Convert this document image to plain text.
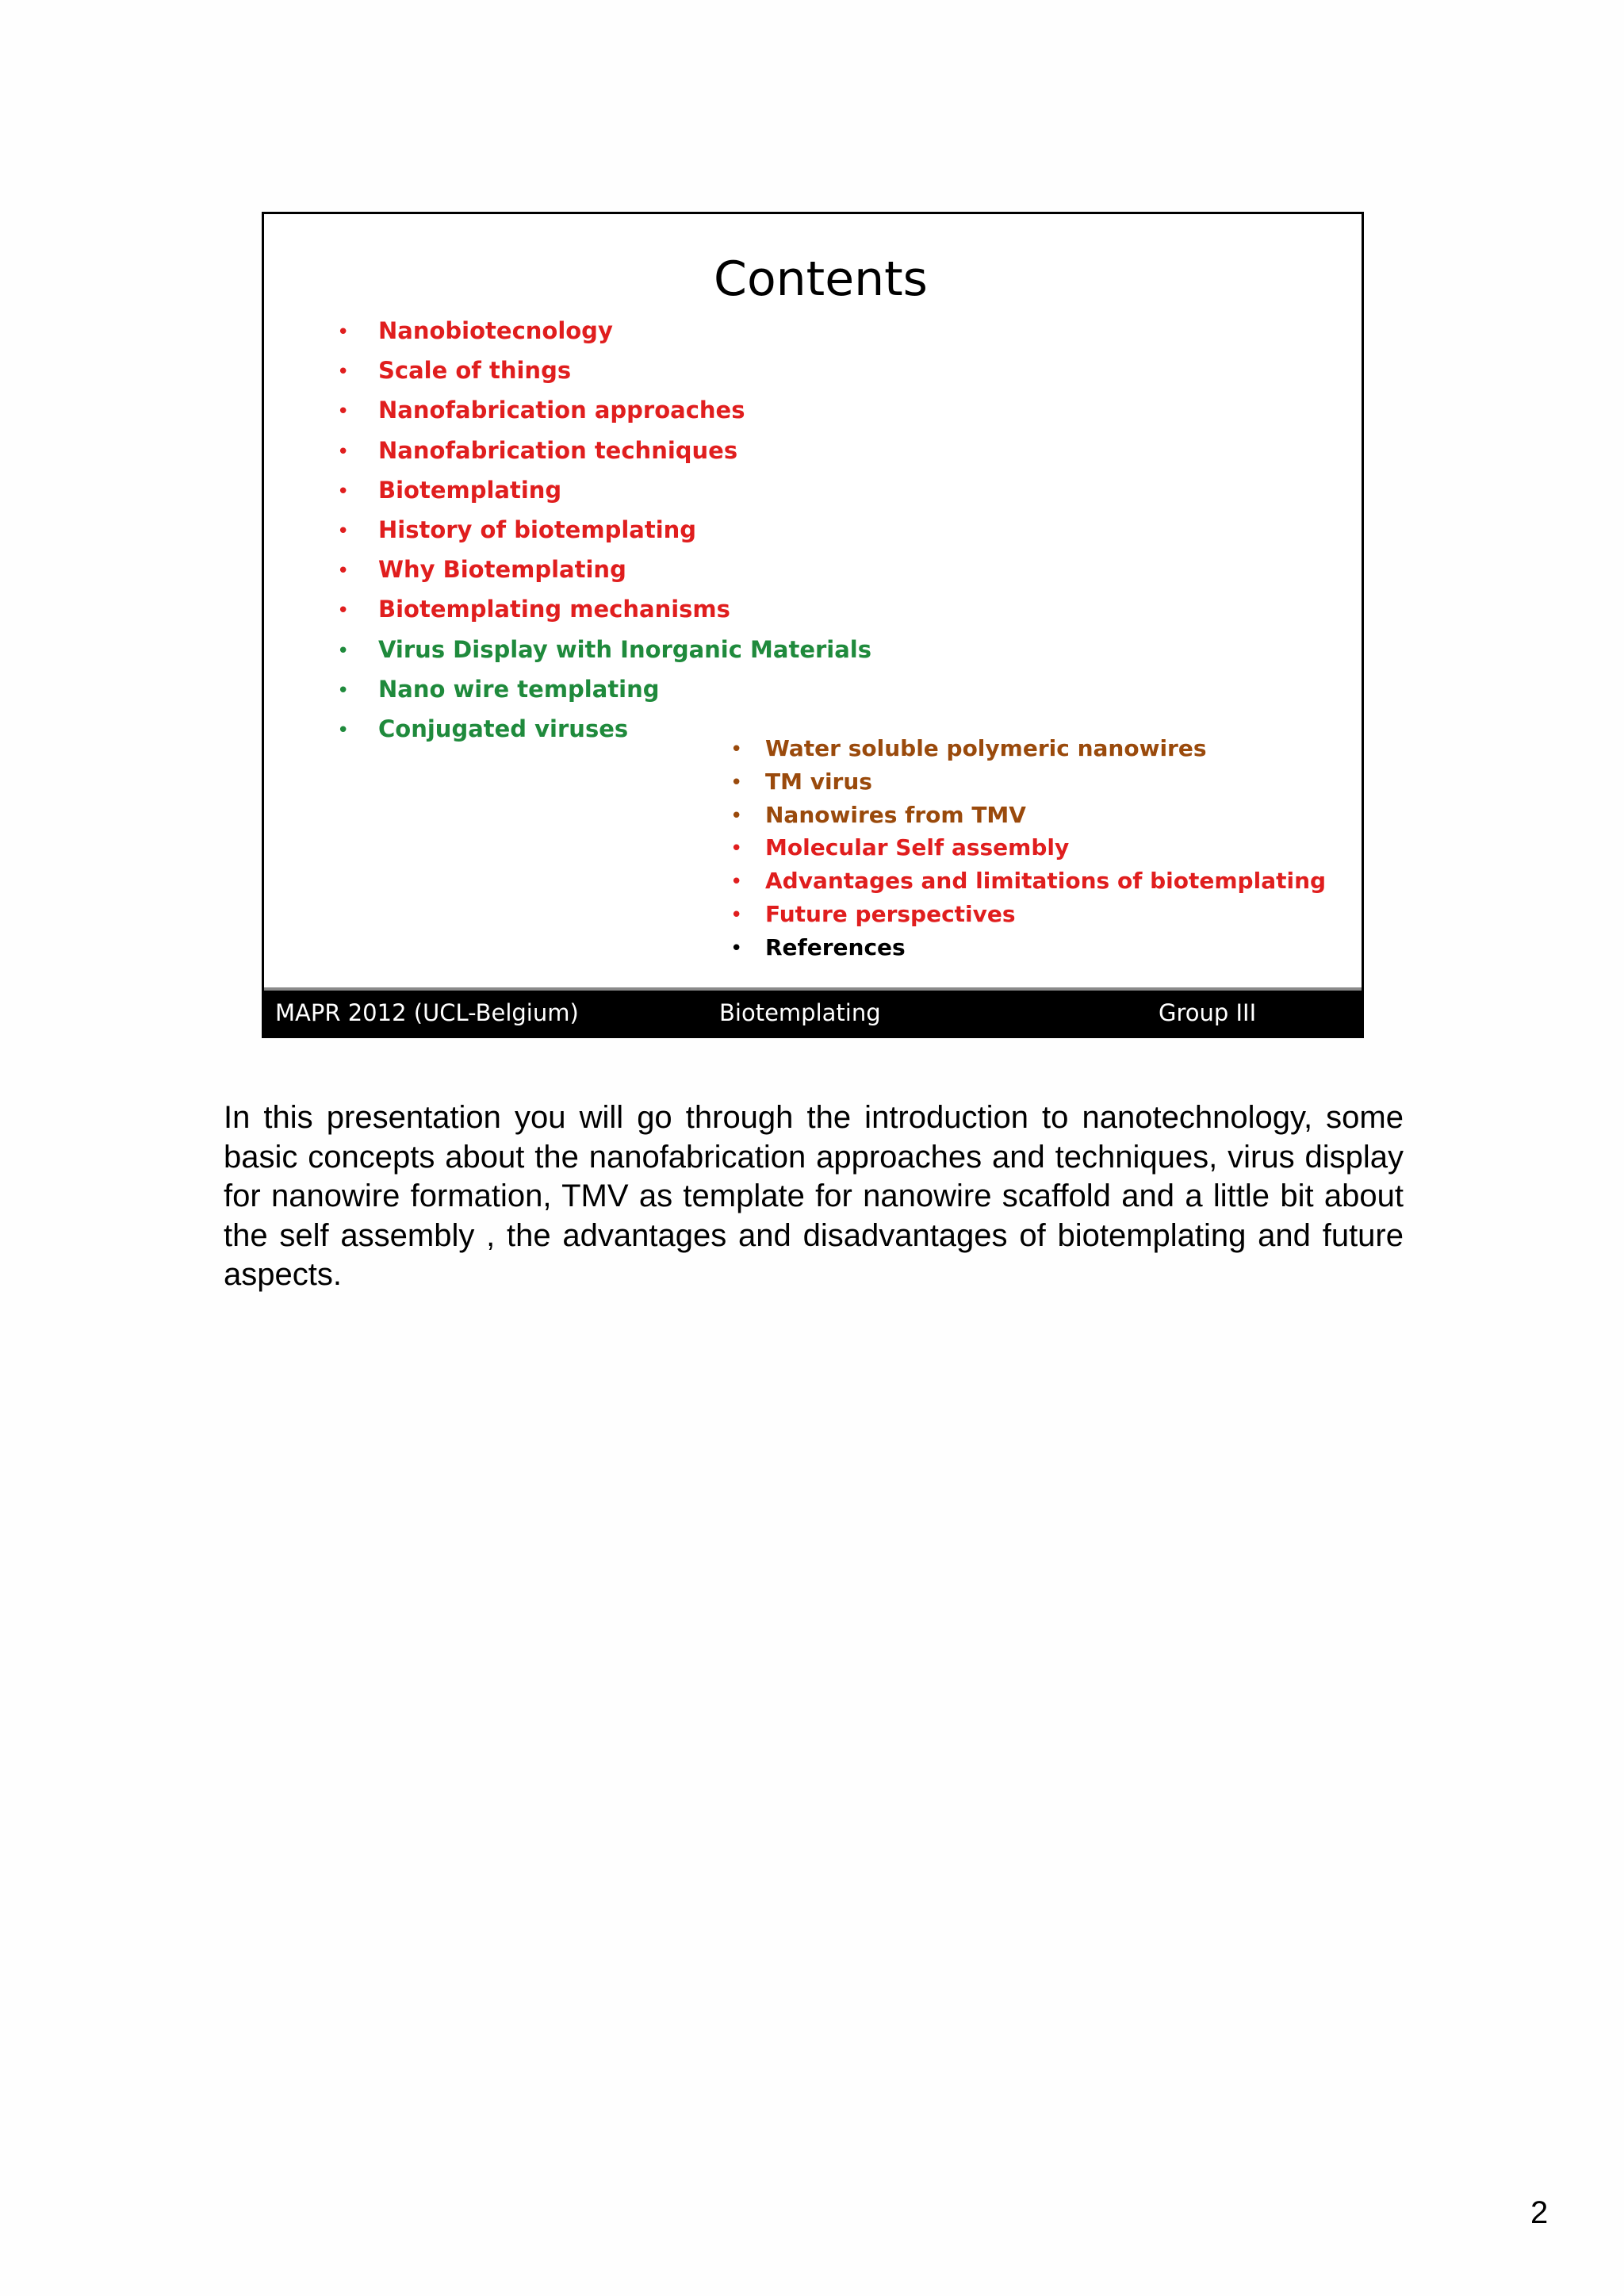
Contents
• Nanobiotecnology
• Scale of things
• Nanofabrication approaches
• Nanofabrication techniques
• Biotemplating
• History of biotemplating
• Why Biotemplating
• Biotemplating mechanisms
• Virus Display with Inorganic Materials
• Nano wire templating
• Conjugated viruses
• Water soluble polymeric nanowires
• TM virus
• Nanowires from TMV
• Molecular Self assembly
• Advantages and limitations of biotemplating
• Future perspectives
• References
MAPR 2012 (UCL-Belgium)	Biotemplating	Group III

In this presentation you will go through the introduction to nanotechnology, some basic concepts about the nanofabrication approaches and techniques, virus display for nanowire formation, TMV as template for nanowire scaffold and a little bit about the self assembly , the advantages and disadvantages of biotemplating and future aspects.

2
